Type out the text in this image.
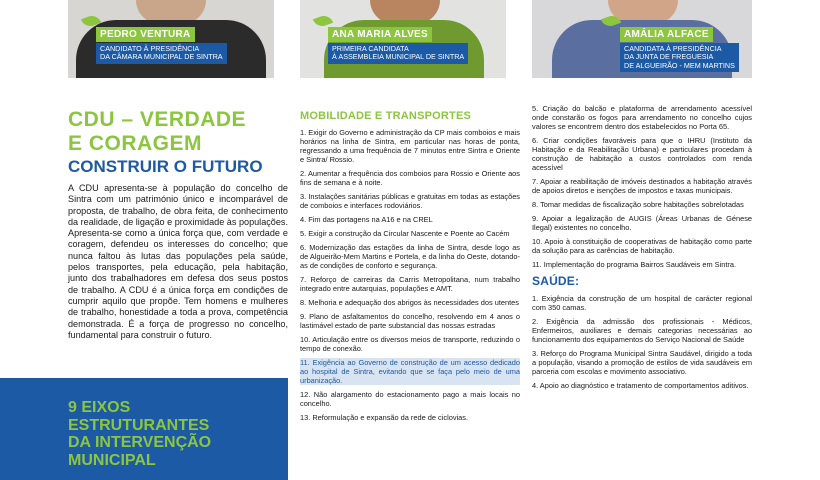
PEDRO VENTURA
CANDIDATO À PRESIDÊNCIA
DA CÂMARA MUNICIPAL DE SINTRA
ANA MARIA ALVES
PRIMEIRA CANDIDATA
À ASSEMBLEIA MUNICIPAL DE SINTRA
AMÁLIA ALFACE
CANDIDATA À PRESIDÊNCIA
DA JUNTA DE FREGUESIA
DE ALGUEIRÃO - MEM MARTINS
CDU – VERDADE
E CORAGEM
CONSTRUIR O FUTURO

A CDU apresenta-se à população do concelho de Sintra com um património único e incomparável de proposta, de trabalho, de obra feita, de conhecimento da realidade, de ligação e proximidade às populações. Apresenta-se como a única força que, com verdade e coragem, defendeu os interesses do concelho; que nunca faltou às lutas das populações pela saúde, pelos transportes, pela educação, pela habitação, junto dos trabalhadores em defesa dos seus postos de trabalho. A CDU é a única força em condições de cumprir aquilo que propõe. Tem homens e mulheres de trabalho, honestidade a toda a prova, competência demonstrada. É a força de progresso no concelho, fundamental para construir o futuro.

9 EIXOS
ESTRUTURANTES
DA INTERVENÇÃO
MUNICIPAL
MOBILIDADE E TRANSPORTES

1. Exigir do Governo e administração da CP mais comboios e mais horários na linha de Sintra, em particular nas horas de ponta, regressando a uma frequência de 7 minutos entre Sintra e Oriente e Sintra/ Rossio.

2. Aumentar a frequência dos comboios para Rossio e Oriente aos fins de semana e à noite.

3. Instalações sanitárias públicas e gratuitas em todas as estações de comboios e interfaces rodoviários.

4. Fim das portagens na A16 e na CREL

5. Exigir a construção da Circular Nascente e Poente ao Cacém

6. Modernização das estações da linha de Sintra, desde logo as de Algueirão-Mem Martins e Portela, e da linha do Oeste, dotando-as de condições de conforto e segurança.

7. Reforço de carreiras da Carris Metropolitana, num trabalho integrado entre autarquias, populações e AMT.

8. Melhoria e adequação dos abrigos às necessidades dos utentes

9. Plano de asfaltamentos do concelho, resolvendo em 4 anos o lastimável estado de parte substancial das nossas estradas

10. Articulação entre os diversos meios de transporte, reduzindo o tempo de conexão.

11. Exigência ao Governo de construção de um acesso dedicado ao hospital de Sintra, evitando que se faça pelo meio de uma urbanização.

12. Não alargamento do estacionamento pago a mais locais no concelho.

13. Reformulação e expansão da rede de ciclovias.

5. Criação do balcão e plataforma de arrendamento acessível onde constarão os fogos para arrendamento no concelho cujos valores se encontrem dentro dos estabelecidos no Porta 65.

6. Criar condições favoráveis para que o IHRU (Instituto da Habitação e da Reabilitação Urbana) e particulares procedam à construção de habitação a custos controlados com renda acessível

7. Apoiar a reabilitação de imóveis destinados a habitação através de apoios diretos e isenções de impostos e taxas municipais.

8. Tomar medidas de fiscalização sobre habitações sobrelotadas

9. Apoiar a legalização de AUGIS (Áreas Urbanas de Génese Ilegal) existentes no concelho.

10. Apoio à constituição de cooperativas de habitação como parte da solução para as carências de habitação.

11. Implementação do programa Bairros Saudáveis em Sintra.

SAÚDE:

1. Exigência da construção de um hospital de carácter regional com 350 camas.

2. Exigência da admissão dos profissionais - Médicos, Enfermeiros, auxiliares e demais categorias necessárias ao funcionamento dos equipamentos do Serviço Nacional de Saúde

3. Reforço do Programa Municipal Sintra Saudável, dirigido a toda a população, visando a promoção de estilos de vida saudáveis em parceria com escolas e movimento associativo.

4. Apoio ao diagnóstico e tratamento de comportamentos aditivos.
